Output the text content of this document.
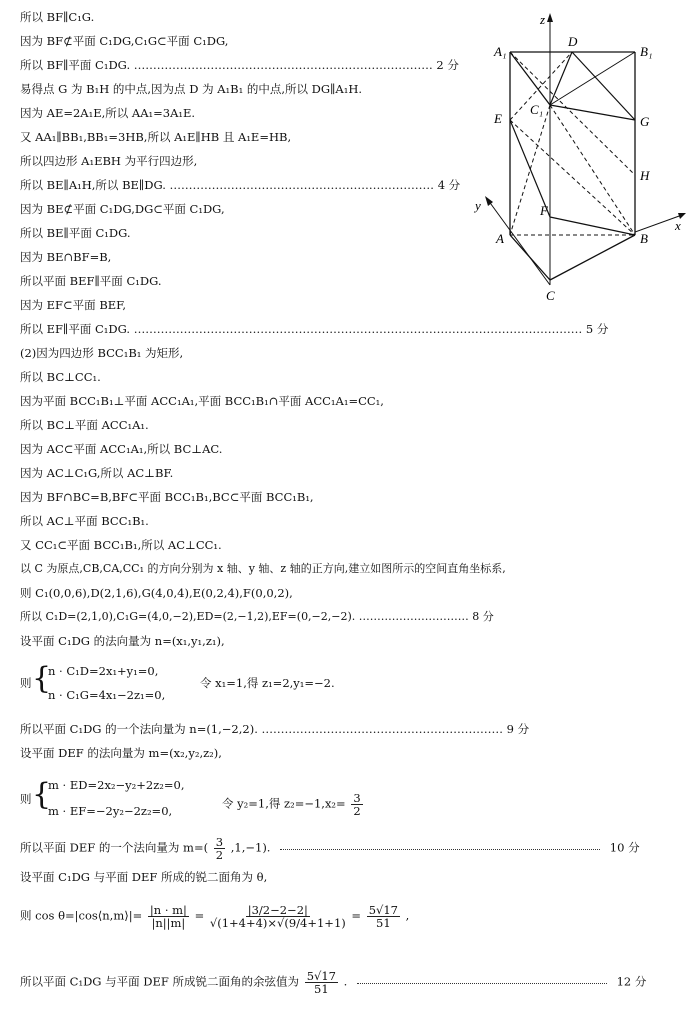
z
x
y
A₁
D
B₁
C₁
E	G
H
F
A	B
C
所以 BF∥C₁G.
因为 BF⊄平面 C₁DG,C₁G⊂平面 C₁DG,
所以 BF∥平面 C₁DG. …………………………………………………………………… 2 分
易得点 G 为 B₁H 的中点,因为点 D 为 A₁B₁ 的中点,所以 DG∥A₁H.
因为 AE=2A₁E,所以 AA₁=3A₁E.
又 AA₁∥BB₁,BB₁=3HB,所以 A₁E∥HB 且 A₁E=HB,
所以四边形 A₁EBH 为平行四边形,
所以 BE∥A₁H,所以 BE∥DG. …………………………………………………………… 4 分
因为 BE⊄平面 C₁DG,DG⊂平面 C₁DG,
所以 BE∥平面 C₁DG.
因为 BE∩BF=B,
所以平面 BEF∥平面 C₁DG.
因为 EF⊂平面 BEF,
所以 EF∥平面 C₁DG. ……………………………………………………………………………………………………… 5 分
(2)因为四边形 BCC₁B₁ 为矩形,
所以 BC⊥CC₁.
因为平面 BCC₁B₁⊥平面 ACC₁A₁,平面 BCC₁B₁∩平面 ACC₁A₁=CC₁,
所以 BC⊥平面 ACC₁A₁.
因为 AC⊂平面 ACC₁A₁,所以 BC⊥AC.
因为 AC⊥C₁G,所以 AC⊥BF.
因为 BF∩BC=B,BF⊂平面 BCC₁B₁,BC⊂平面 BCC₁B₁,
所以 AC⊥平面 BCC₁B₁.
又 CC₁⊂平面 BCC₁B₁,所以 AC⊥CC₁.
以 C 为原点,CB,CA,CC₁ 的方向分别为 x 轴、y 轴、z 轴的正方向,建立如图所示的空间直角坐标系,
则 C₁(0,0,6),D(2,1,6),G(4,0,4),E(0,2,4),F(0,0,2),
所以 C₁D=(2,1,0),C₁G=(4,0,−2),ED=(2,−1,2),EF=(0,−2,−2). ………………………… 8 分
设平面 C₁DG 的法向量为 n=(x₁,y₁,z₁),
则 {
n · C₁D=2x₁+y₁=0,
n · C₁G=4x₁−2z₁=0,
令 x₁=1,得 z₁=2,y₁=−2.
所以平面 C₁DG 的一个法向量为 n=(1,−2,2). ……………………………………………………… 9 分
设平面 DEF 的法向量为 m=(x₂,y₂,z₂),
则 {
m · ED=2x₂−y₂+2z₂=0,
m · EF=−2y₂−2z₂=0,
令 y₂=1,得 $z_2=-1,x_2= \frac{3}{2}$
所以平面 DEF 的一个法向量为 $m=( \frac{3}{2} ,1,-1)$.	10 分
设平面 C₁DG 与平面 DEF 所成的锐二面角为 θ,
则 cos θ=|cos⟨n,m⟩|= $\frac{|n \cdot m|}{|n||m|} = \frac{|3/2-2-2|}{√(1+4+4)\times√(9/4+1+1)} = \frac{5√17}{51}$ ,
所以平面 C₁DG 与平面 DEF 所成锐二面角的余弦值为 $\frac{5√17}{51}$ .	12 分
